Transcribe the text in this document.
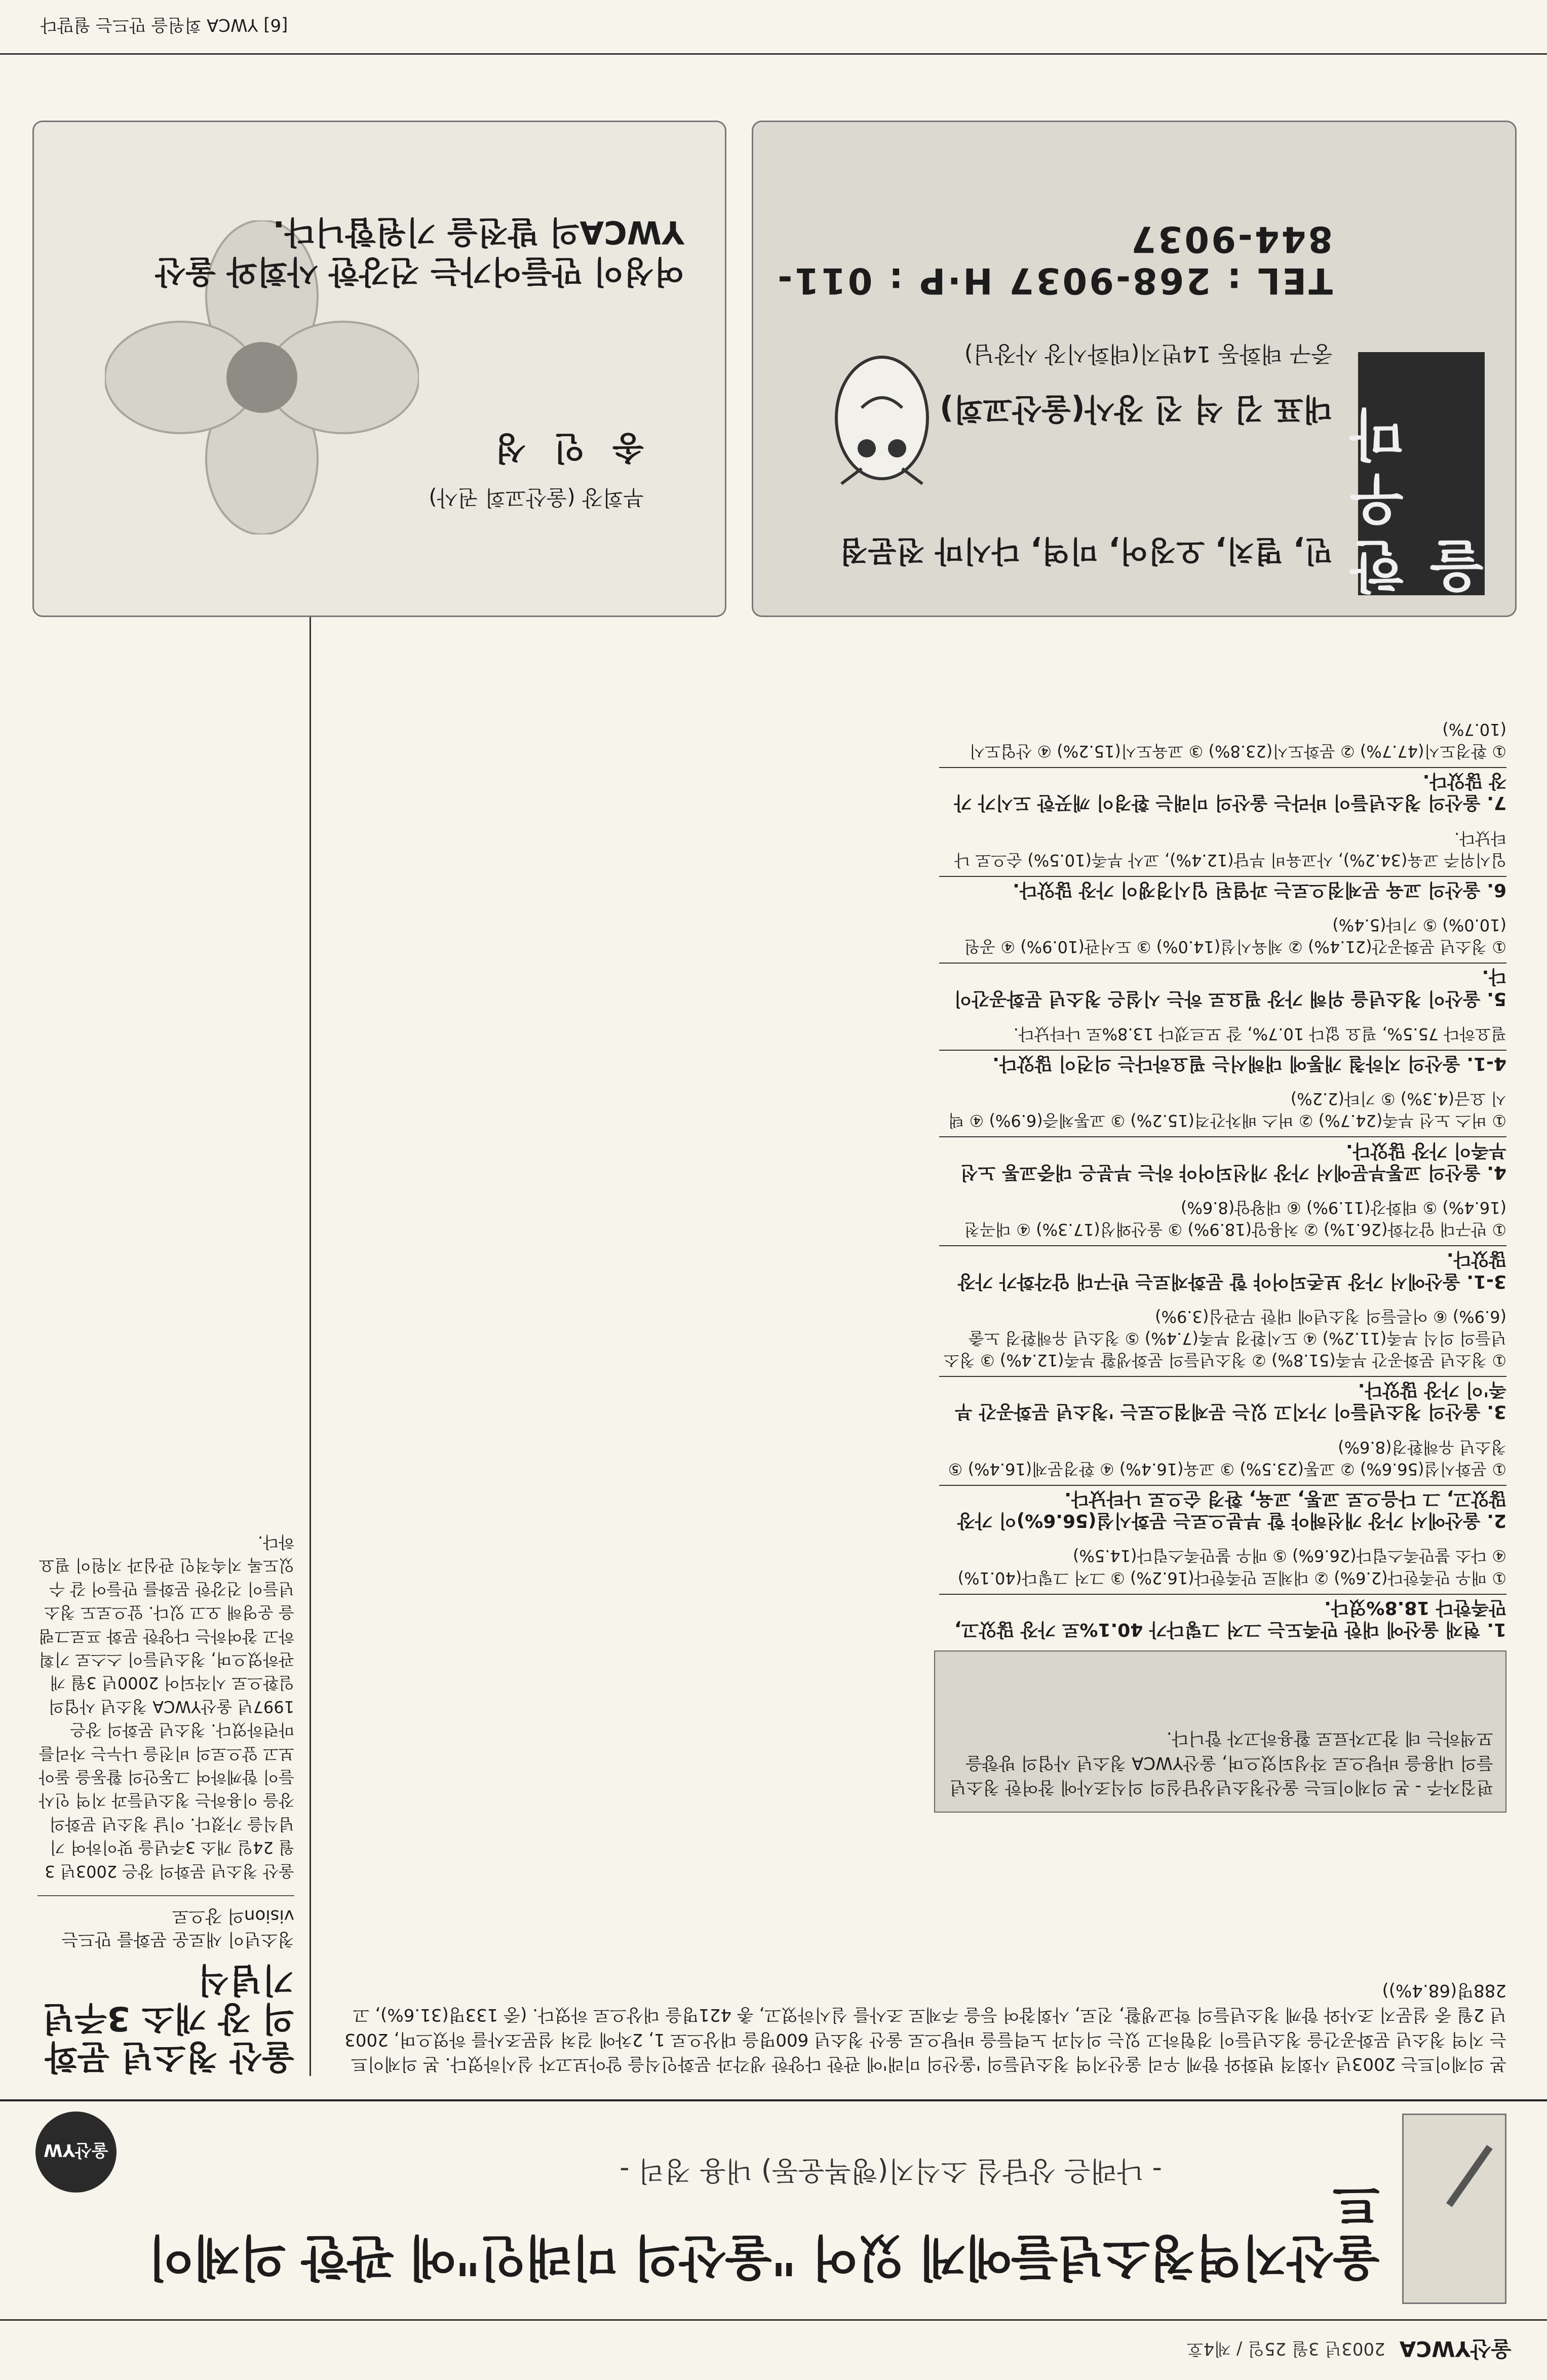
울산YWCA
2003년 3월 25일 / 제4호
울산지역청소년들에게 있어 "울산의 미래인"에 관한 의제이트
- 나래은 상담실 소식지(행복운동) 내용 정리 -
울산YW

본 의제이트는 2003년 사회적 변화와 함께 우리 울산지역 청소년들의 '울산의 미래'에 관한 다양한 생각과 문화인식을 알아보고자 실시하였다. 본 의제이트는 지역 청소년 문화공간을 청소년들이 경험하고 있는 의식과 노력들을 바탕으로 울산 청소년 600명을 대상으로 1, 2차에 걸쳐 설문조사를 하였으며, 2003년 2월 중 설문지 조사와 함께 청소년들의 학교생활, 진로, 사회참여 등을 주제로 조사를 실시하였고, 총 421명을 대상으로 하였다. (중 133명(31.6%), 고 288명(68.4%))

편집자주 - 본 의제이트는 울산청소년상담실의 의식조사에 참여한 청소년들의 내용을 바탕으로 작성되었으며, 울산YWCA 청소년 사업의 방향을 모색하는 데 참고자료로 활용하고자 합니다.

1. 현재 울산에 대한 만족도는 그저 그렇다가 40.1%로 가장 많았고, 만족한다 18.8%였다.

① 매우 만족한다(2.6%) ② 대체로 만족한다(16.2%) ③ 그저 그렇다(40.1%) ④ 다소 불만족스럽다(26.6%) ⑤ 매우 불만족스럽다(14.5%)

2. 울산에서 가장 개선해야 할 부분으로는 문화시설(56.6%)이 가장 많았고, 그 다음으로 교통, 교육, 환경 순으로 나타났다.

① 문화시설(56.6%) ② 교통(23.5%) ③ 교육(16.4%) ④ 환경문제(16.4%) ⑤ 청소년 유해환경(8.6%)

3. 울산의 청소년들이 가지고 있는 문제점으로는 '청소년 문화공간 부족'이 가장 많았다.

① 청소년 문화공간 부족(51.8%) ② 청소년들의 문화생활 부족(12.4%) ③ 청소년들의 의식 부족(11.2%) ④ 도시환경 부족(7.4%) ⑤ 청소년 유해환경 노출(6.9%) ⑥ 어른들의 청소년에 대한 무관심(3.9%)

3-1. 울산에서 가장 보존되어야 할 문화재로는 반구대 암각화가 가장 많았다.

① 반구대 암각화(26.1%) ② 처용암(18.9%) ③ 울산왜성(17.3%) ④ 대곡천(16.4%) ⑤ 태화강(11.9%) ⑥ 대왕암(8.6%)

4. 울산의 교통부문에서 가장 개선되어야 하는 부분은 대중교통 노선 부족이 가장 많았다.

① 버스 노선 부족(24.7%) ② 버스 배차간격(15.2%) ③ 교통체증(6.9%) ④ 택시 요금(4.3%) ⑤ 기타(2.2%)

4-1. 울산의 지하철 개통에 대해서는 필요하다는 의견이 많았다.

필요하다 75.5%, 필요 없다 10.7%, 잘 모르겠다 13.8%로 나타났다.

5. 울산이 청소년을 위해 가장 필요로 하는 시설은 청소년 문화공간이다.

① 청소년 문화공간(21.4%) ② 체육시설(14.0%) ③ 도서관(10.9%) ④ 공원(10.0%) ⑤ 기타(5.4%)

6. 울산의 교육 문제점으로는 과열된 입시경쟁이 가장 많았다.

입시위주 교육(34.2%), 사교육비 부담(12.4%), 교사 부족(10.5%) 순으로 나타났다.

7. 울산의 청소년들이 바라는 울산의 미래는 환경이 깨끗한 도시가 가장 많았다.

① 환경도시(47.7%) ② 문화도시(23.8%) ③ 교육도시(15.2%) ④ 산업도시(10.7%)

울산 청소년 문화의 장 개소 3주년 기념식

청소년이 새로운 문화를 만드는 vision의 장으로

울산 청소년 문화의 장은 2003년 3월 24일 개소 3주년을 맞이하여 기념식을 가졌다. 이날 청소년 문화의 장을 이용하는 청소년들과 지역 인사들이 함께하여 그동안의 활동을 돌아보고 앞으로의 비전을 나누는 자리를 마련하였다. 청소년 문화의 장은 1997년 울산YWCA 청소년 사업의 일환으로 시작되어 2000년 3월 개관하였으며, 청소년들이 스스로 기획하고 참여하는 다양한 문화 프로그램을 운영해 오고 있다. 앞으로도 청소년들이 건강한 문화를 만들어 갈 수 있도록 지속적인 관심과 지원이 필요하다.

한우마을
민, 멸치, 오징어, 미역, 다시마 전문점
대표 김 석 진 장사(울산교회)
중구 태화동 14번지(태화시장 사장님)
TEL : 268-9037 H·P : 011-844-9037
부회장 (울산교회 권사)
송 인 성
여성이 만들어가는 건강한 사회와 울산YWCA의 발전을 기원합니다.
[6] YWCA 회원을 만드는 월말다
